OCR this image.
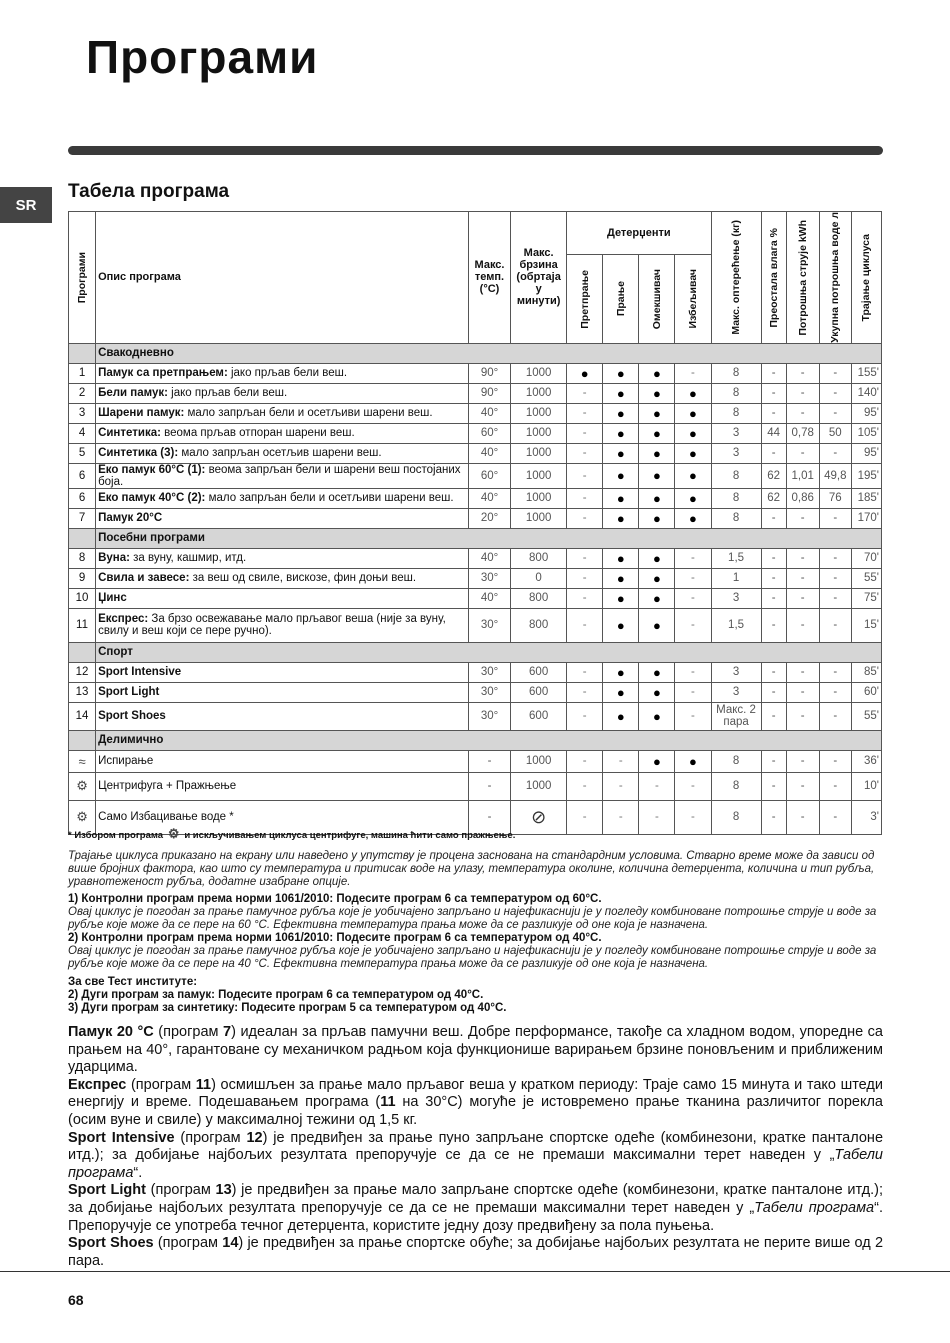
Програми
SR
Табела програма
Програми	Опис програма	Макс. темп. (°C)	Макс. брзина (обртаја у минути)	Детерџенти				Макс. оптерећење (кг)	Преостала влага %	Потрошња струје kWh	Укупна потрошња воде л	Трајање циклуса

				Претпрање	Прање	Омекшивач	Избељивач					

	Свакодневно											
1	Памук са претпрањем: јако прљав бели веш.	90°	1000	●	●	●	-	8	-	-	-	155'
2	Бели памук: јако прљав бели веш.	90°	1000	-	●	●	●	8	-	-	-	140'
3	Шарени памук: мало запрљан бели и осетљиви шарени веш.	40°	1000	-	●	●	●	8	-	-	-	95'
4	Синтетика: веома прљав отпоран шарени веш.	60°	1000	-	●	●	●	3	44	0,78	50	105'
5	Синтетика (3): мало запрљан осетљив шарени веш.	40°	1000	-	●	●	●	3	-	-	-	95'
6	Еко памук 60°C (1): веома запрљан бели и шарени веш постојаних боја.	60°	1000	-	●	●	●	8	62	1,01	49,8	195'
6	Еко памук 40°C (2): мало запрљан бели и осетљиви шарени веш.	40°	1000	-	●	●	●	8	62	0,86	76	185'
7	Памук 20°C	20°	1000	-	●	●	●	8	-	-	-	170'
	Посебни програми											
8	Вуна: за вуну, кашмир, итд.	40°	800	-	●	●	-	1,5	-	-	-	70'
9	Свила и завесе: за веш од свиле, вискозе, фин доњи веш.	30°	0	-	●	●	-	1	-	-	-	55'
10	Џинс	40°	800	-	●	●	-	3	-	-	-	75'
11	Експрес: За брзо освежавање мало прљавог веша (није за вуну, свилу и веш који се пере ручно).	30°	800	-	●	●	-	1,5	-	-	-	15'
	Спорт											
12	Sport Intensive	30°	600	-	●	●	-	3	-	-	-	85'
13	Sport Light	30°	600	-	●	●	-	3	-	-	-	60'
14	Sport Shoes	30°	600	-	●	●	-	Макс. 2 пара	-	-	-	55'
	Делимично											
≈	Испирање	-	1000	-	-	●	●	8	-	-	-	36'
⚙	Центрифуга + Пражњење	-	1000	-	-	-	-	8	-	-	-	10'
⚙	Само Избацивање воде *	-	⊘	-	-	-	-	8	-	-	-	3'
* Избором програма ⚙ и искључивањем циклуса центрифуге, машина ћити само пражњење.
Трајање циклуса приказано на екрану или наведено у упутству је процена заснована на стандардним условима. Стварно време може да зависи од више бројних фактора, као што су температура и притисак воде на улазу, температура околине, количина детерџента, количина и тип рубља, уравнотеженост рубља, додатне изабране опције.
1) Контролни програм према норми 1061/2010: Подесите програм 6 са температуром од 60°C.
Овај циклус је погодан за прање памучног рубља које је уобичајено запрљано и најефикаснији је у погледу комбиноване потрошње струје и воде за рубље које може да се пере на 60 °C. Ефективна температура прања може да се разликује од оне која је назначена.
2) Контролни програм према норми 1061/2010: Подесите програм 6 са температуром од 40°C.
Овај циклус је погодан за прање памучног рубља које је уобичајено запрљано и најефикаснији је у погледу комбиноване потрошње струје и воде за рубље које може да се пере на 40 °C. Ефективна температура прања може да се разликује од оне која је назначена.
За све Тест институте:
2) Дуги програм за памук: Подесите програм 6 са температуром од 40°C.
3) Дуги програм за синтетику: Подесите програм 5 са температуром од 40°C.
Памук 20 °C (програм 7) идеалан за прљав памучни веш. Добре перформансе, такође са хладном водом, упоредне са прањем на 40°, гарантоване су механичком радњом која функционише варирањем брзине поновљеним и приближеним ударцима.
Експрес (програм 11) осмишљен за прање мало прљавог веша у кратком периоду: Траје само 15 минута и тако штеди енергију и време. Подешавањем програма (11 на 30°C) могуће је истовремено прање тканина различитог порекла (осим вуне и свиле) у максималној тежини од 1,5 кг.
Sport Intensive (програм 12) је предвиђен за прање пуно запрљане спортске одеће (комбинезони, кратке панталоне итд.); за добијање најбољих резултата препоручује се да се не премаши максимални терет наведен у „Табели програма“.
Sport Light (програм 13) је предвиђен за прање мало запрљане спортске одеће (комбинезони, кратке панталоне итд.); за добијање најбољих резултата препоручује се да се не премаши максимални терет наведен у „Табели програма“. Препоручује се употреба течног детерџента, користите једну дозу предвиђену за пола пуњења.
Sport Shoes (програм 14) је предвиђен за прање спортске обуће; за добијање најбољих резултата не перите више од 2 пара.
68
